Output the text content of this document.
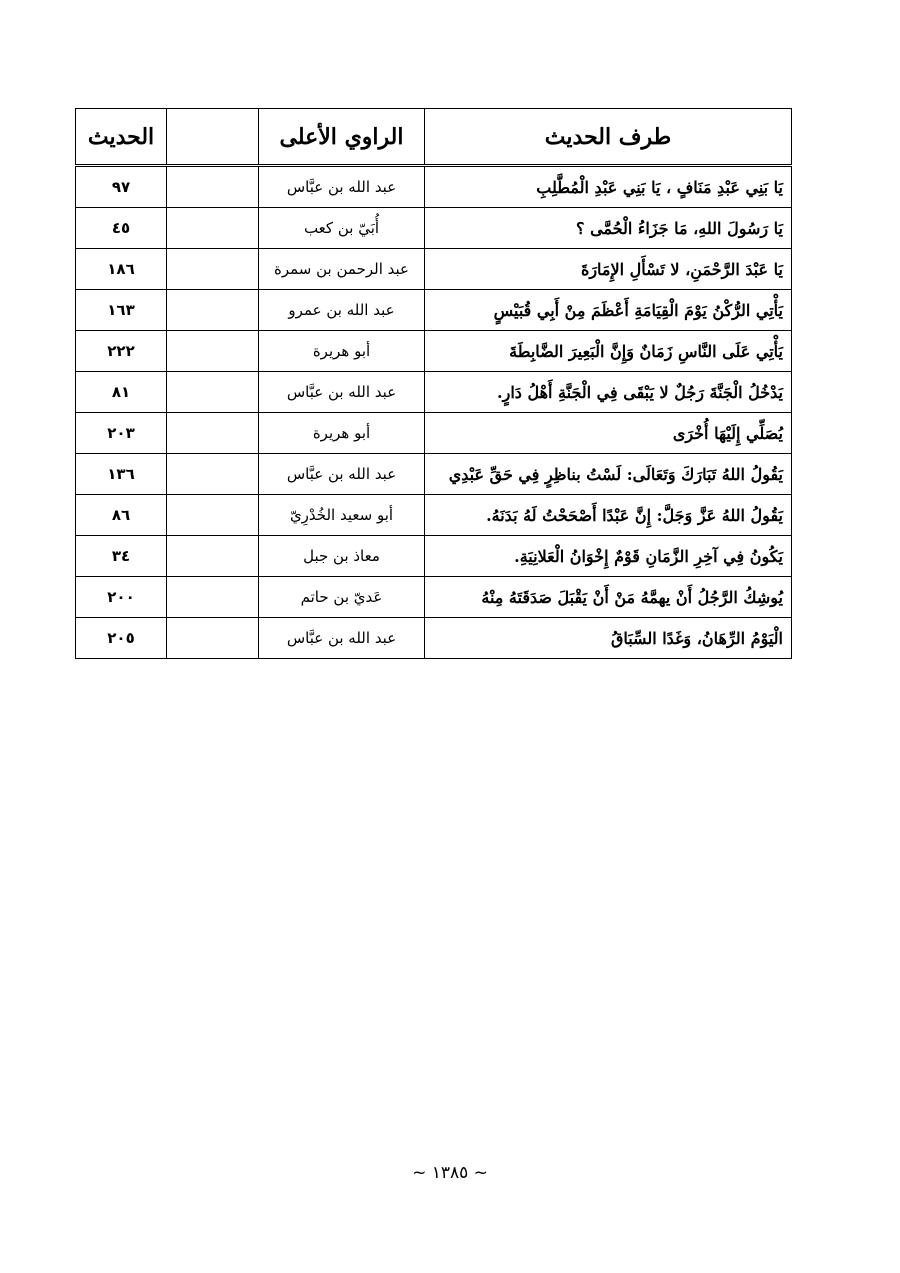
طرف الحديث	الراوي الأعلى		الحديث
يَا بَنِي عَبْدِ مَنَافٍ ، يَا بَنِي عَبْدِ الْمُطَّلِبِ	عبد الله بن عبَّاس		٩٧
يَا رَسُولَ اللهِ، مَا جَزَاءُ الْحُمَّى ؟	أُبَيّ بن كعب		٤٥
يَا عَبْدَ الرَّحْمَنِ، لا تَسْأَلِ الإِمَارَةَ	عبد الرحمن بن سمرة		١٨٦
يَأْتِي الرُّكْنُ يَوْمَ الْقِيَامَةِ أَعْظَمَ مِنْ أَبِي قُبَيْسٍ	عبد الله بن عمرو		١٦٣
يَأْتِي عَلَى النَّاسِ زَمَانٌ وَإِنَّ الْبَعِيرَ الضَّابِطَةَ	أبو هريرة		٢٢٢
يَدْخُلُ الْجَنَّةَ رَجُلٌ لا يَبْقَى فِي الْجَنَّةِ أَهْلُ دَارٍ.	عبد الله بن عبَّاس		٨١
يُصَلِّي إِلَيْهَا أُخْرَى	أبو هريرة		٢٠٣
يَقُولُ اللهُ تَبَارَكَ وَتَعَالَى: لَسْتُ بناظِرٍ فِي حَقِّ عَبْدِي	عبد الله بن عبَّاس		١٣٦
يَقُولُ اللهُ عَزَّ وَجَلَّ: إِنَّ عَبْدًا أَصْحَحْتُ لَهُ بَدَنَهُ.	أبو سعيد الخُدْرِيّ		٨٦
يَكُونُ فِي آخِرِ الزَّمَانِ قَوْمٌ إِخْوَانُ الْعَلانِيَةِ.	معاذ بن جبل		٣٤
يُوشِكُ الرَّجُلُ أَنْ يهمَّهُ مَنْ أَنْ يَقْبَلَ صَدَقَتَهُ مِنْهُ	عَديّ بن حاتم		٢٠٠
الْيَوْمُ الرِّهَانُ، وَغَدًا السِّبَاقُ	عبد الله بن عبَّاس		٢٠٥
~ ١٣٨٥ ~
